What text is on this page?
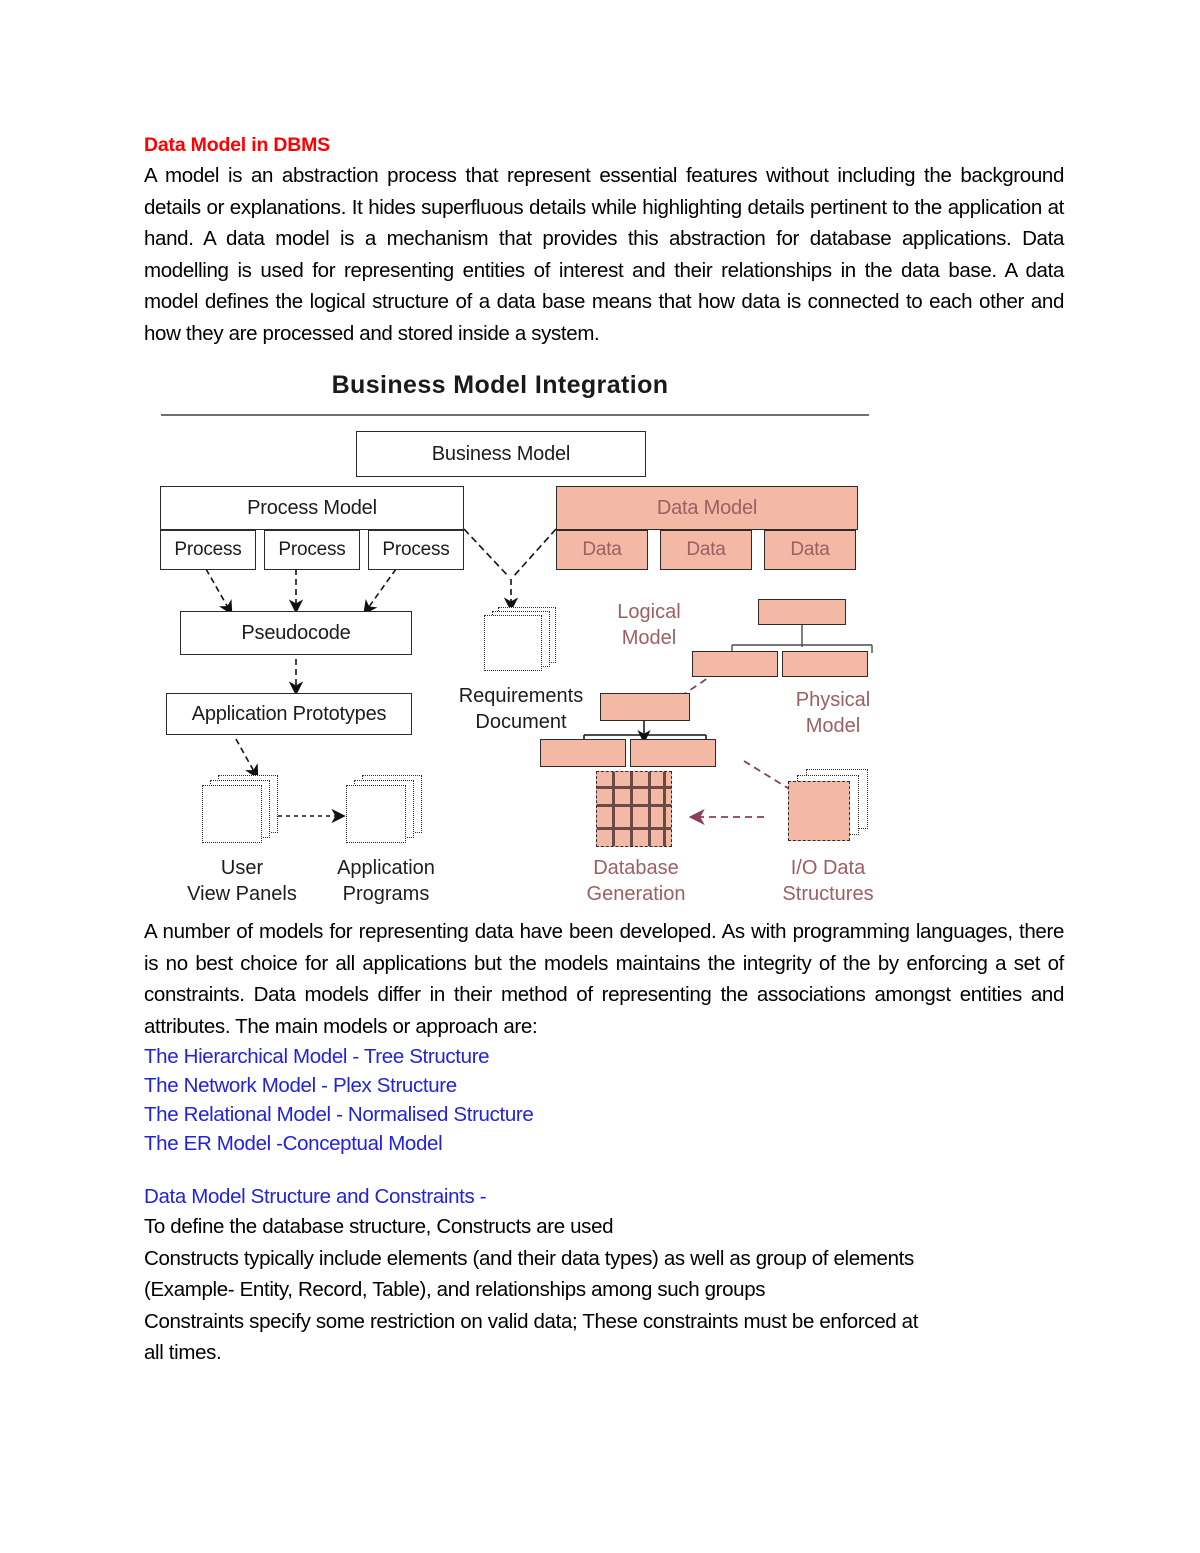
Data Model in DBMS

A model is an abstraction process that represent essential features without including the background details or explanations. It hides superfluous details while highlighting details pertinent to the application at hand. A data model is a mechanism that provides this abstraction for database applications. Data modelling is used for representing entities of interest and their relationships in the data base. A data model defines the logical structure of a data base means that how data is connected to each other and how they are processed and stored inside a system.

Business Model Integration
Business Model
Process Model	Data Model
Process Process Process	Data	Data	Data
Pseudocode
Application Prototypes
Requirements
Document
Logical
Model
Physical
Model
User
View Panels
Application
Programs
Database
Generation
I/O Data
Structures

A number of models for representing data have been developed. As with programming languages, there is no best choice for all applications but the models maintains the integrity of the by enforcing a set of constraints. Data models differ in their method of representing the associations amongst entities and attributes. The main models or approach are:

The Hierarchical Model - Tree Structure
The Network Model - Plex Structure
The Relational Model - Normalised Structure
The ER Model -Conceptual Model
Data Model Structure and Constraints -

To define the database structure, Constructs are used

Constructs typically include elements (and their data types) as well as group of elements

(Example- Entity, Record, Table), and relationships among such groups

Constraints specify some restriction on valid data; These constraints must be enforced at

all times.
